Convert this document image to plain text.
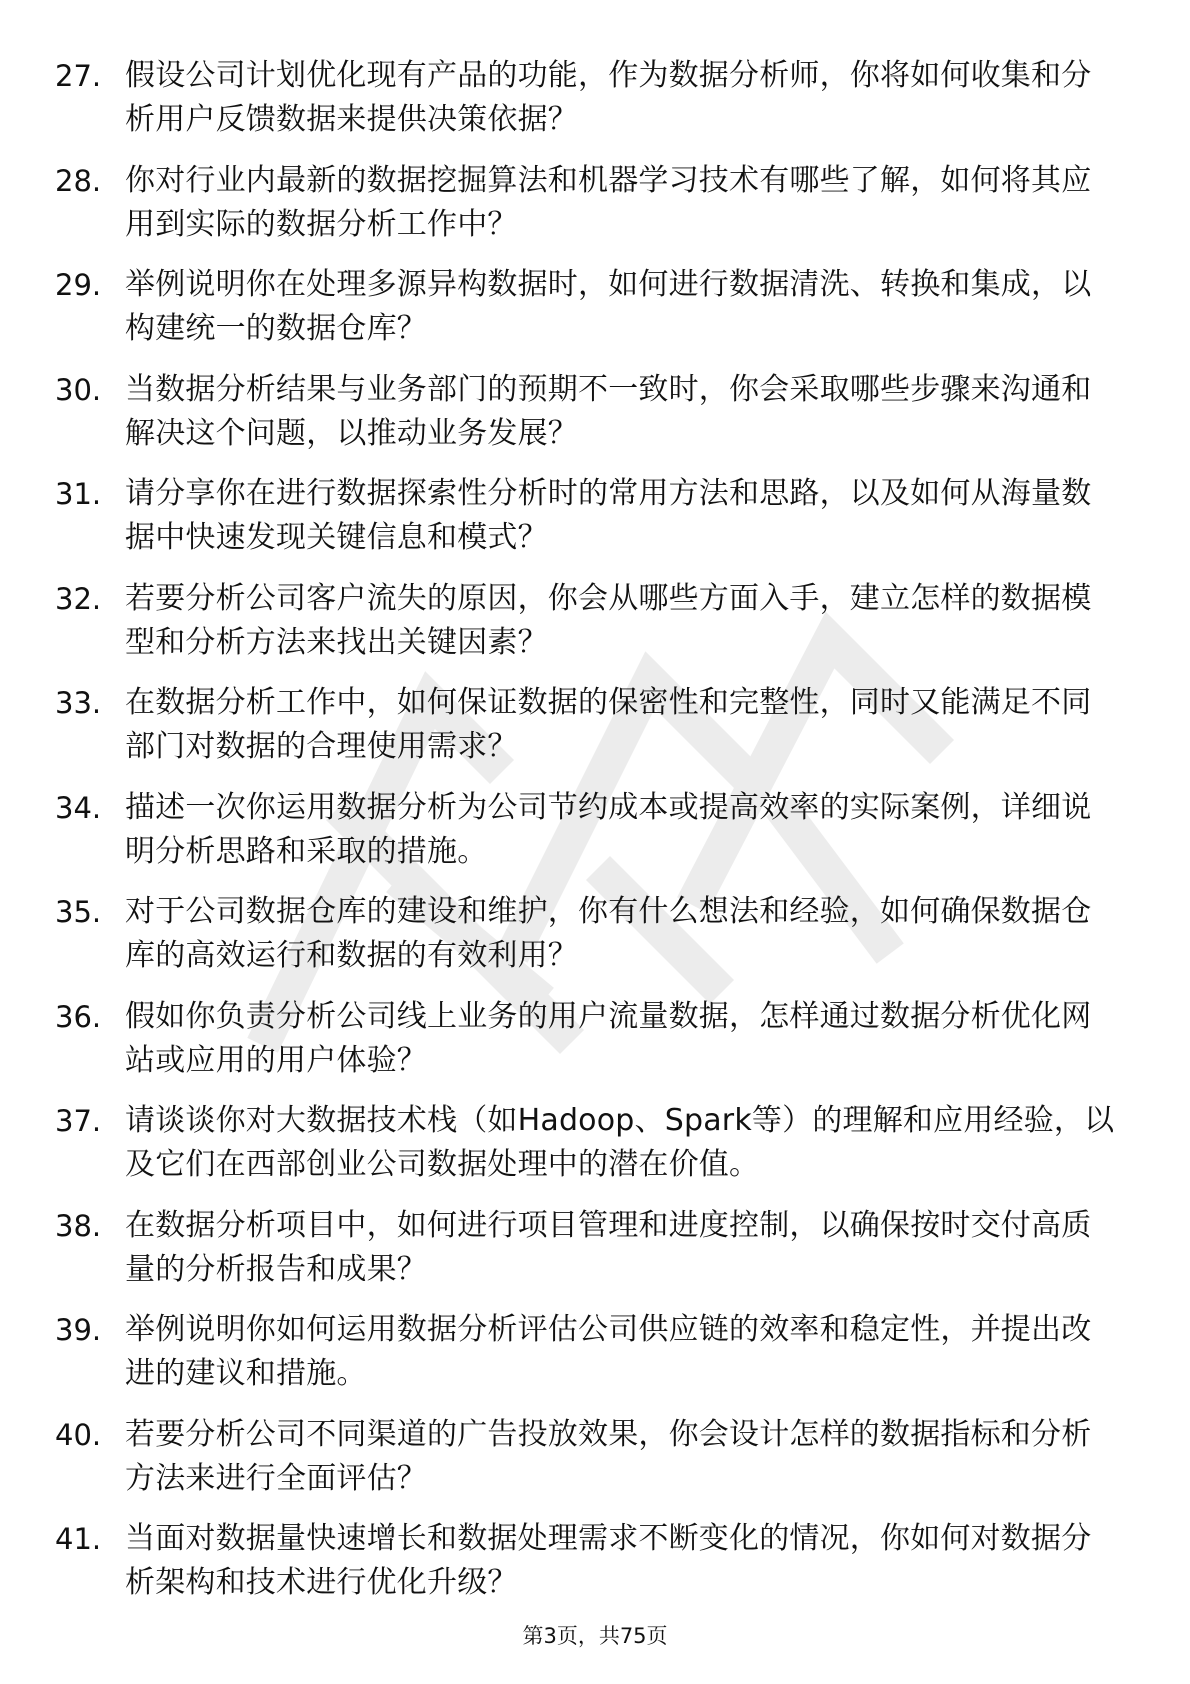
27. 假设公司计划优化现有产品的功能，作为数据分析师，你将如何收集和分析用户反馈数据来提供决策依据？
28. 你对行业内最新的数据挖掘算法和机器学习技术有哪些了解，如何将其应用到实际的数据分析工作中？
29. 举例说明你在处理多源异构数据时，如何进行数据清洗、转换和集成，以构建统一的数据仓库？
30. 当数据分析结果与业务部门的预期不一致时，你会采取哪些步骤来沟通和解决这个问题，以推动业务发展？
31. 请分享你在进行数据探索性分析时的常用方法和思路，以及如何从海量数据中快速发现关键信息和模式？
32. 若要分析公司客户流失的原因，你会从哪些方面入手，建立怎样的数据模型和分析方法来找出关键因素？
33. 在数据分析工作中，如何保证数据的保密性和完整性，同时又能满足不同部门对数据的合理使用需求？
34. 描述一次你运用数据分析为公司节约成本或提高效率的实际案例，详细说明分析思路和采取的措施。
35. 对于公司数据仓库的建设和维护，你有什么想法和经验，如何确保数据仓库的高效运行和数据的有效利用？
36. 假如你负责分析公司线上业务的用户流量数据，怎样通过数据分析优化网站或应用的用户体验？
37. 请谈谈你对大数据技术栈（如Hadoop、Spark等）的理解和应用经验，以及它们在西部创业公司数据处理中的潜在价值。
38. 在数据分析项目中，如何进行项目管理和进度控制，以确保按时交付高质量的分析报告和成果？
39. 举例说明你如何运用数据分析评估公司供应链的效率和稳定性，并提出改进的建议和措施。
40. 若要分析公司不同渠道的广告投放效果，你会设计怎样的数据指标和分析方法来进行全面评估？
41. 当面对数据量快速增长和数据处理需求不断变化的情况，你如何对数据分析架构和技术进行优化升级？
第3页，共75页
